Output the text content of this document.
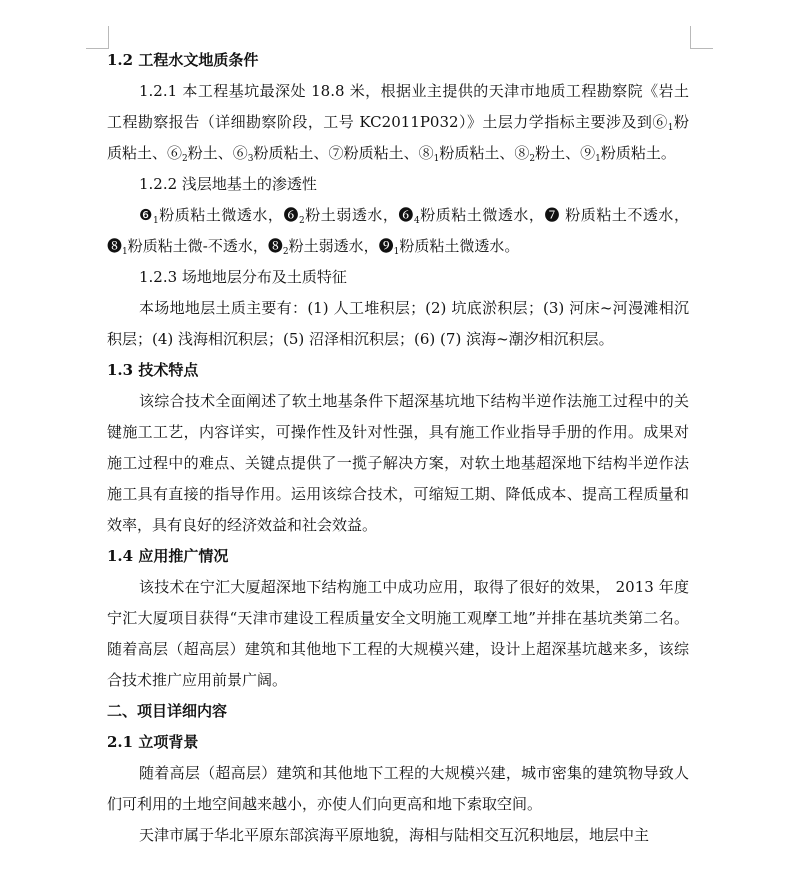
1.2 工程水文地质条件

1.2.1 本工程基坑最深处 18.8 米，根据业主提供的天津市地质工程勘察院《岩土工程勘察报告（详细勘察阶段，工号 KC2011P032）》土层力学指标主要涉及到$⑥_1$粉质粘土、$⑥_2$粉土、$⑥_3$粉质粘土、⑦粉质粘土、$⑧_1$粉质粘土、$⑧_2$粉土、$⑨_1$粉质粘土。

1.2.2 浅层地基土的渗透性

$❻_1$粉质粘土微透水，$❻_2$粉土弱透水，$❻_4$粉质粘土微透水，❼ 粉质粘土不透水，$❽_1$粉质粘土微-不透水，$❽_2$粉土弱透水，$❾_1$粉质粘土微透水。

1.2.3 场地地层分布及土质特征

本场地地层土质主要有：(1) 人工堆积层；(2) 坑底淤积层；(3) 河床~河漫滩相沉积层；(4) 浅海相沉积层；(5) 沼泽相沉积层；(6) (7) 滨海~潮汐相沉积层。

1.3 技术特点

该综合技术全面阐述了软土地基条件下超深基坑地下结构半逆作法施工过程中的关键施工工艺，内容详实，可操作性及针对性强，具有施工作业指导手册的作用。成果对施工过程中的难点、关键点提供了一揽子解决方案，对软土地基超深地下结构半逆作法施工具有直接的指导作用。运用该综合技术，可缩短工期、降低成本、提高工程质量和效率，具有良好的经济效益和社会效益。

1.4 应用推广情况

该技术在宁汇大厦超深地下结构施工中成功应用，取得了很好的效果， 2013 年度宁汇大厦项目获得“天津市建设工程质量安全文明施工观摩工地”并排在基坑类第二名。随着高层（超高层）建筑和其他地下工程的大规模兴建，设计上超深基坑越来多，该综合技术推广应用前景广阔。

二、项目详细内容

2.1 立项背景

随着高层（超高层）建筑和其他地下工程的大规模兴建，城市密集的建筑物导致人们可利用的土地空间越来越小，亦使人们向更高和地下索取空间。

天津市属于华北平原东部滨海平原地貌，海相与陆相交互沉积地层，地层中主
